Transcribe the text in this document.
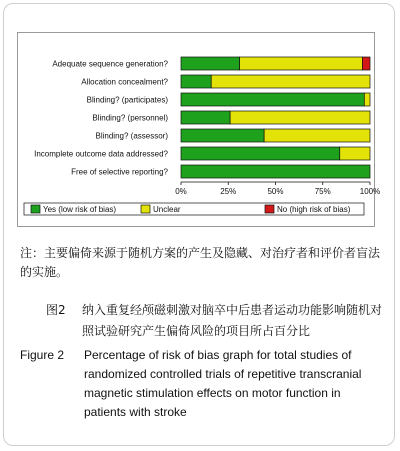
Adequate sequence generation?
Allocation concealment?
Blinding? (participates)
Blinding? (personnel)
Blinding? (assessor)
Incomplete outcome data addressed?
Free of selective reporting?
0%	25%	50%	75%	100%
Yes (low risk of bias)	Unclear	No (high risk of bias)
注：主要偏倚来源于随机方案的产生及隐藏、对治疗者和评价者盲法的实施。
图2	纳入重复经颅磁刺激对脑卒中后患者运动功能影响随机对照试验研究产生偏倚风险的项目所占百分比
Figure 2	Percentage of risk of bias graph for total studies of randomized controlled trials of repetitive transcranial magnetic stimulation effects on motor function in patients with stroke
